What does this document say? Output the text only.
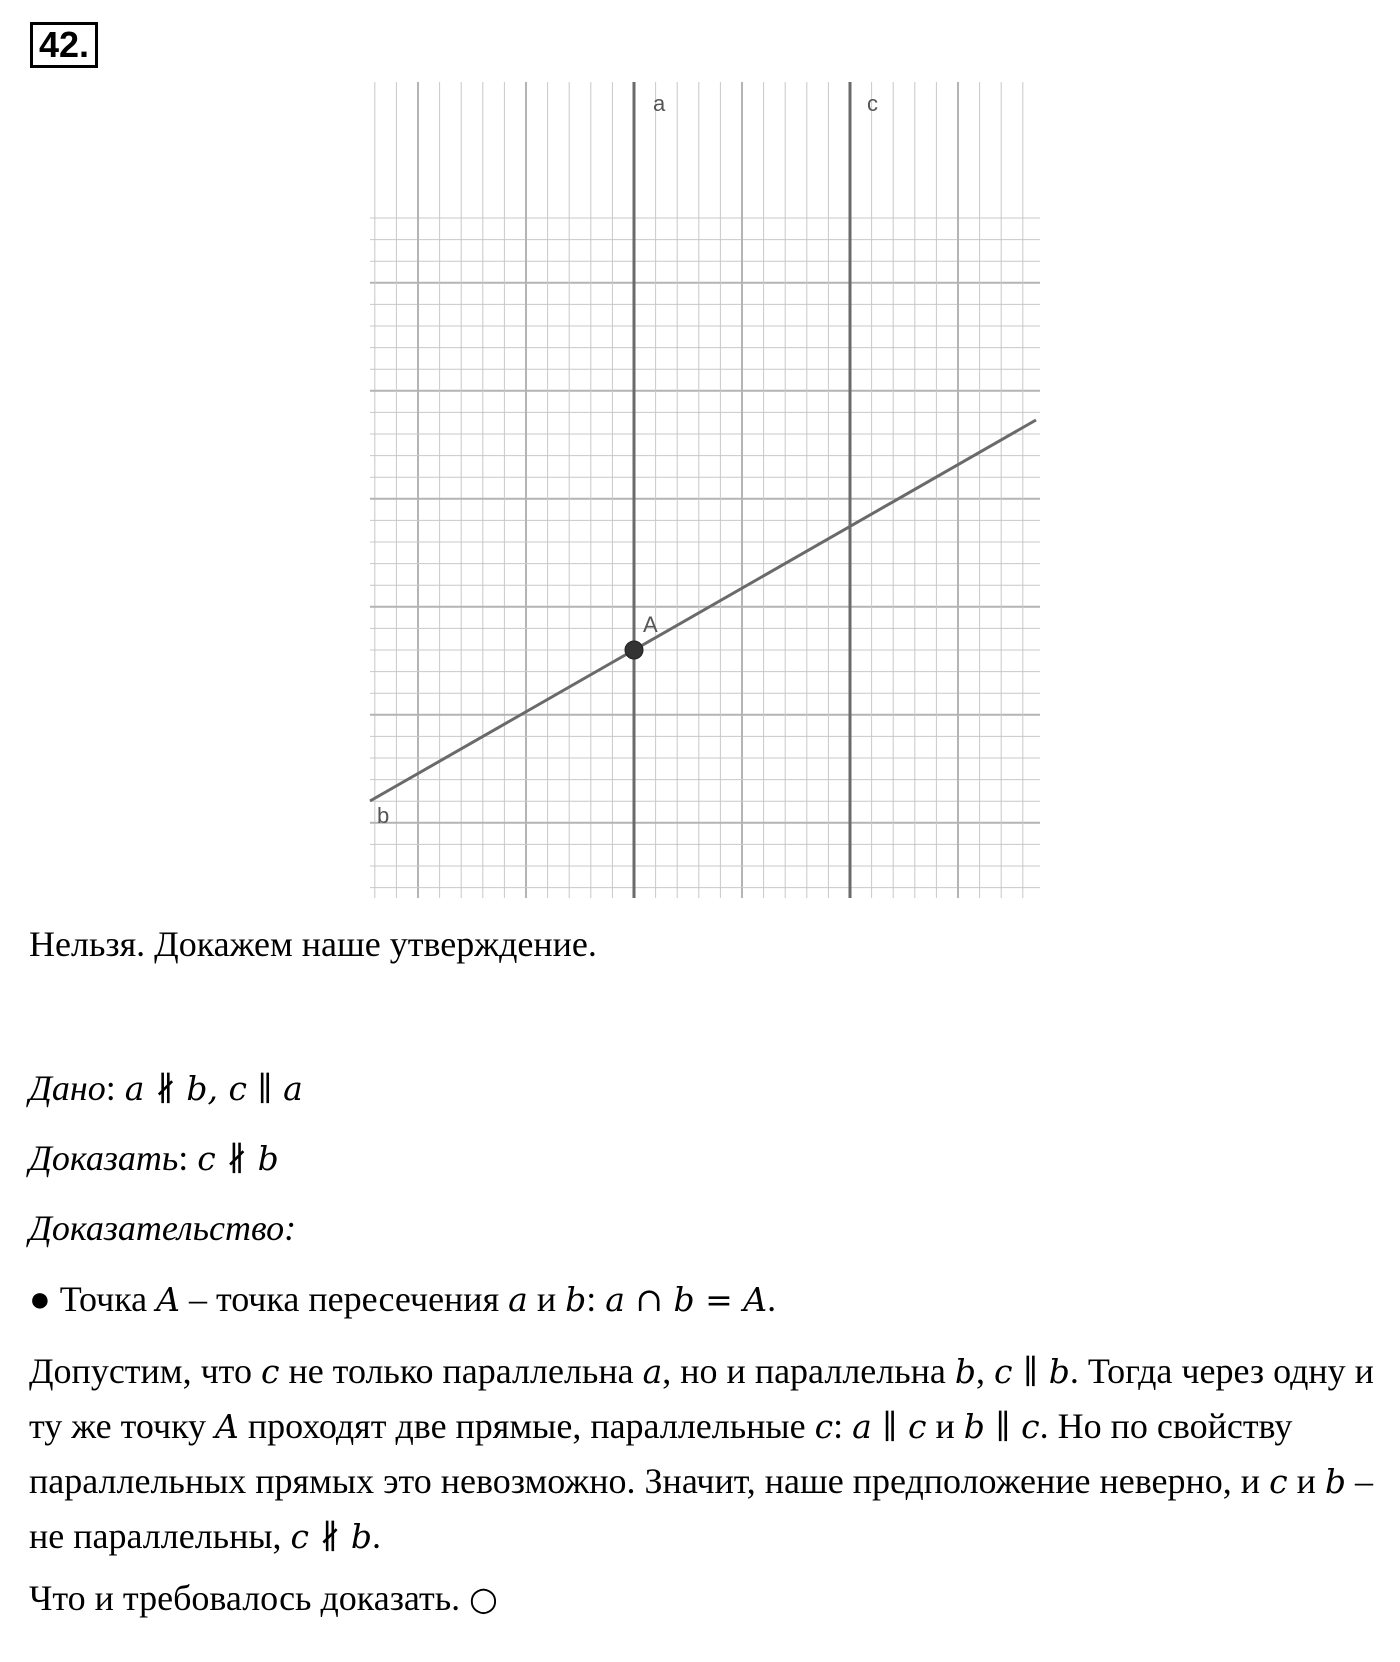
42.
a	c
b
A
Нельзя. Докажем наше утверждение.
Дано: a ∦ b, c ∥ a
Доказать: c ∦ b
Доказательство:
● Точка A – точка пересечения a и b: a ∩ b = A.
Допустим, что c не только параллельна a, но и параллельна b, c ∥ b. Тогда через одну и ту же точку A проходят две прямые, параллельные c: a ∥ c и b ∥ c. Но по свойству параллельных прямых это невозможно. Значит, наше предположение неверно, и c и b – не параллельны, c ∦ b.
Что и требовалось доказать. ○
